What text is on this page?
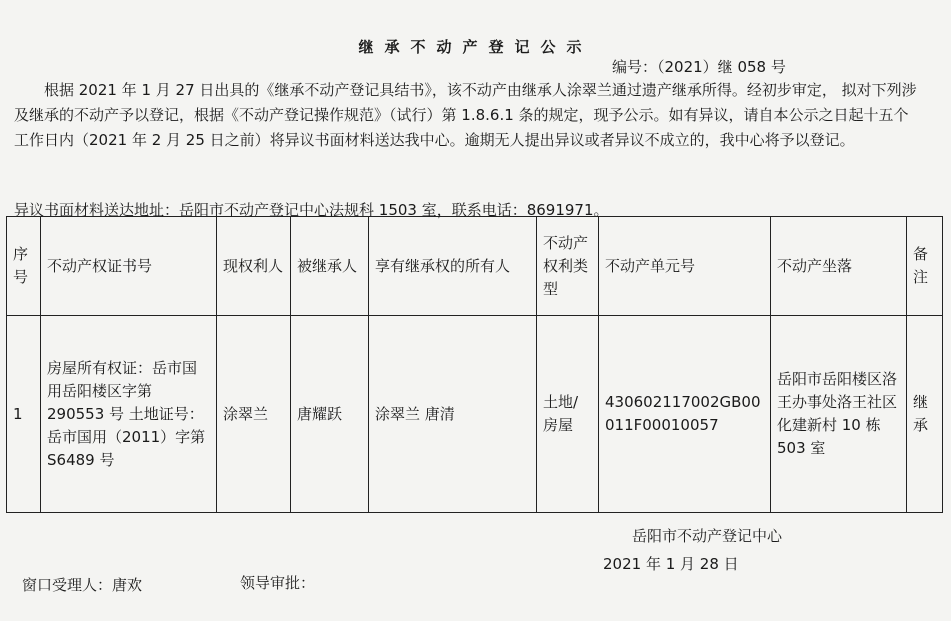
继承不动产登记公示
编号：（2021）继 058 号

根据 2021 年 1 月 27 日出具的《继承不动产登记具结书》，该不动产由继承人涂翠兰通过遗产继承所得。经初步审定， 拟对下列涉及继承的不动产予以登记，根据《不动产登记操作规范》（试行）第 1.8.6.1 条的规定，现予公示。如有异议，请自本公示之日起十五个工作日内（2021 年 2 月 25 日之前）将异议书面材料送达我中心。逾期无人提出异议或者异议不成立的，我中心将予以登记。

异议书面材料送达地址：岳阳市不动产登记中心法规科 1503 室，联系电话：8691971。
序号	不动产权证书号	现权利人	被继承人	享有继承权的所有人	不动产权利类型	不动产单元号	不动产坐落	备注
1	房屋所有权证：岳市国用岳阳楼区字第 290553 号 土地证号：岳市国用（2011）字第 S6489 号	涂翠兰	唐耀跃	涂翠兰 唐清	土地/房屋	430602117002GB00011F00010057	岳阳市岳阳楼区洛王办事处洛王社区化建新村 10 栋 503 室	继承
岳阳市不动产登记中心
2021 年 1 月 28 日
窗口受理人：唐欢	领导审批：
